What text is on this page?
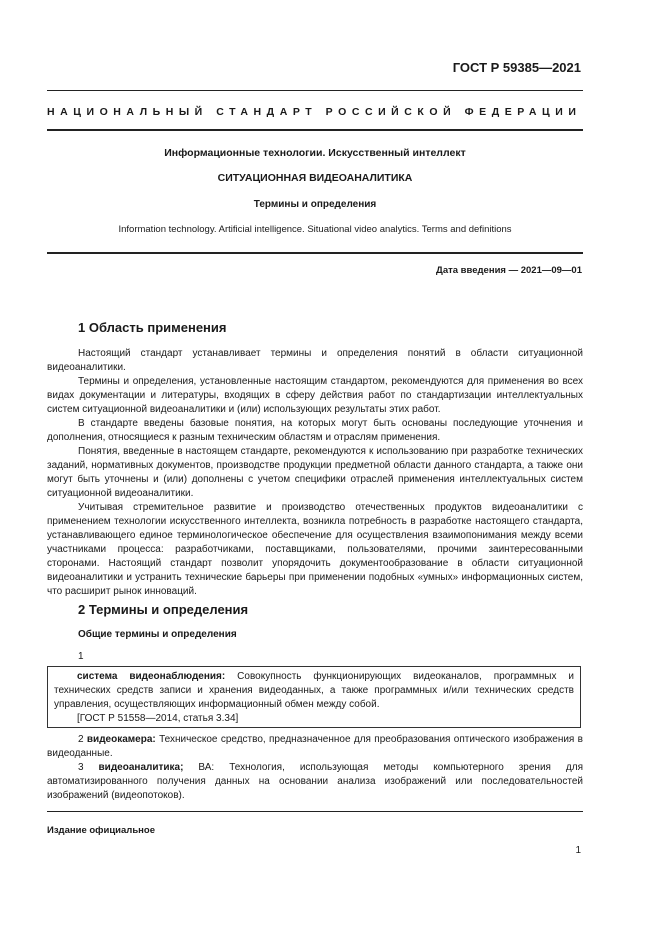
ГОСТ Р 59385—2021
НАЦИОНАЛЬНЫЙ СТАНДАРТ РОССИЙСКОЙ ФЕДЕРАЦИИ
Информационные технологии. Искусственный интеллект
СИТУАЦИОННАЯ ВИДЕОАНАЛИТИКА
Термины и определения
Information technology. Artificial intelligence. Situational video analytics. Terms and definitions
Дата введения — 2021—09—01
1 Область применения

Настоящий стандарт устанавливает термины и определения понятий в области ситуационной видеоаналитики.

Термины и определения, установленные настоящим стандартом, рекомендуются для применения во всех видах документации и литературы, входящих в сферу действия работ по стандартизации интеллектуальных систем ситуационной видеоаналитики и (или) использующих результаты этих работ.

В стандарте введены базовые понятия, на которых могут быть основаны последующие уточнения и дополнения, относящиеся к разным техническим областям и отраслям применения.

Понятия, введенные в настоящем стандарте, рекомендуются к использованию при разработке технических заданий, нормативных документов, производстве продукции предметной области данного стандарта, а также они могут быть уточнены и (или) дополнены с учетом специфики отраслей применения интеллектуальных систем ситуационной видеоаналитики.

Учитывая стремительное развитие и производство отечественных продуктов видеоаналитики с применением технологии искусственного интеллекта, возникла потребность в разработке настоящего стандарта, устанавливающего единое терминологическое обеспечение для осуществления взаимопонимания между всеми участниками процесса: разработчиками, поставщиками, пользователями, прочими заинтересованными сторонами. Настоящий стандарт позволит упорядочить документообразование в области ситуационной видеоаналитики и устранить технические барьеры при применении подобных «умных» информационных систем, что расширит рынок инноваций.

2 Термины и определения
Общие термины и определения
1

система видеонаблюдения: Совокупность функционирующих видеоканалов, программных и технических средств записи и хранения видеоданных, а также программных и/или технических средств управления, осуществляющих информационный обмен между собой.

[ГОСТ Р 51558—2014, статья 3.34]

2 видеокамера: Техническое средство, предназначенное для преобразования оптического изображения в видеоданные.

3 видеоаналитика; ВА: Технология, использующая методы компьютерного зрения для автоматизированного получения данных на основании анализа изображений или последовательностей изображений (видеопотоков).

Издание официальное
1
